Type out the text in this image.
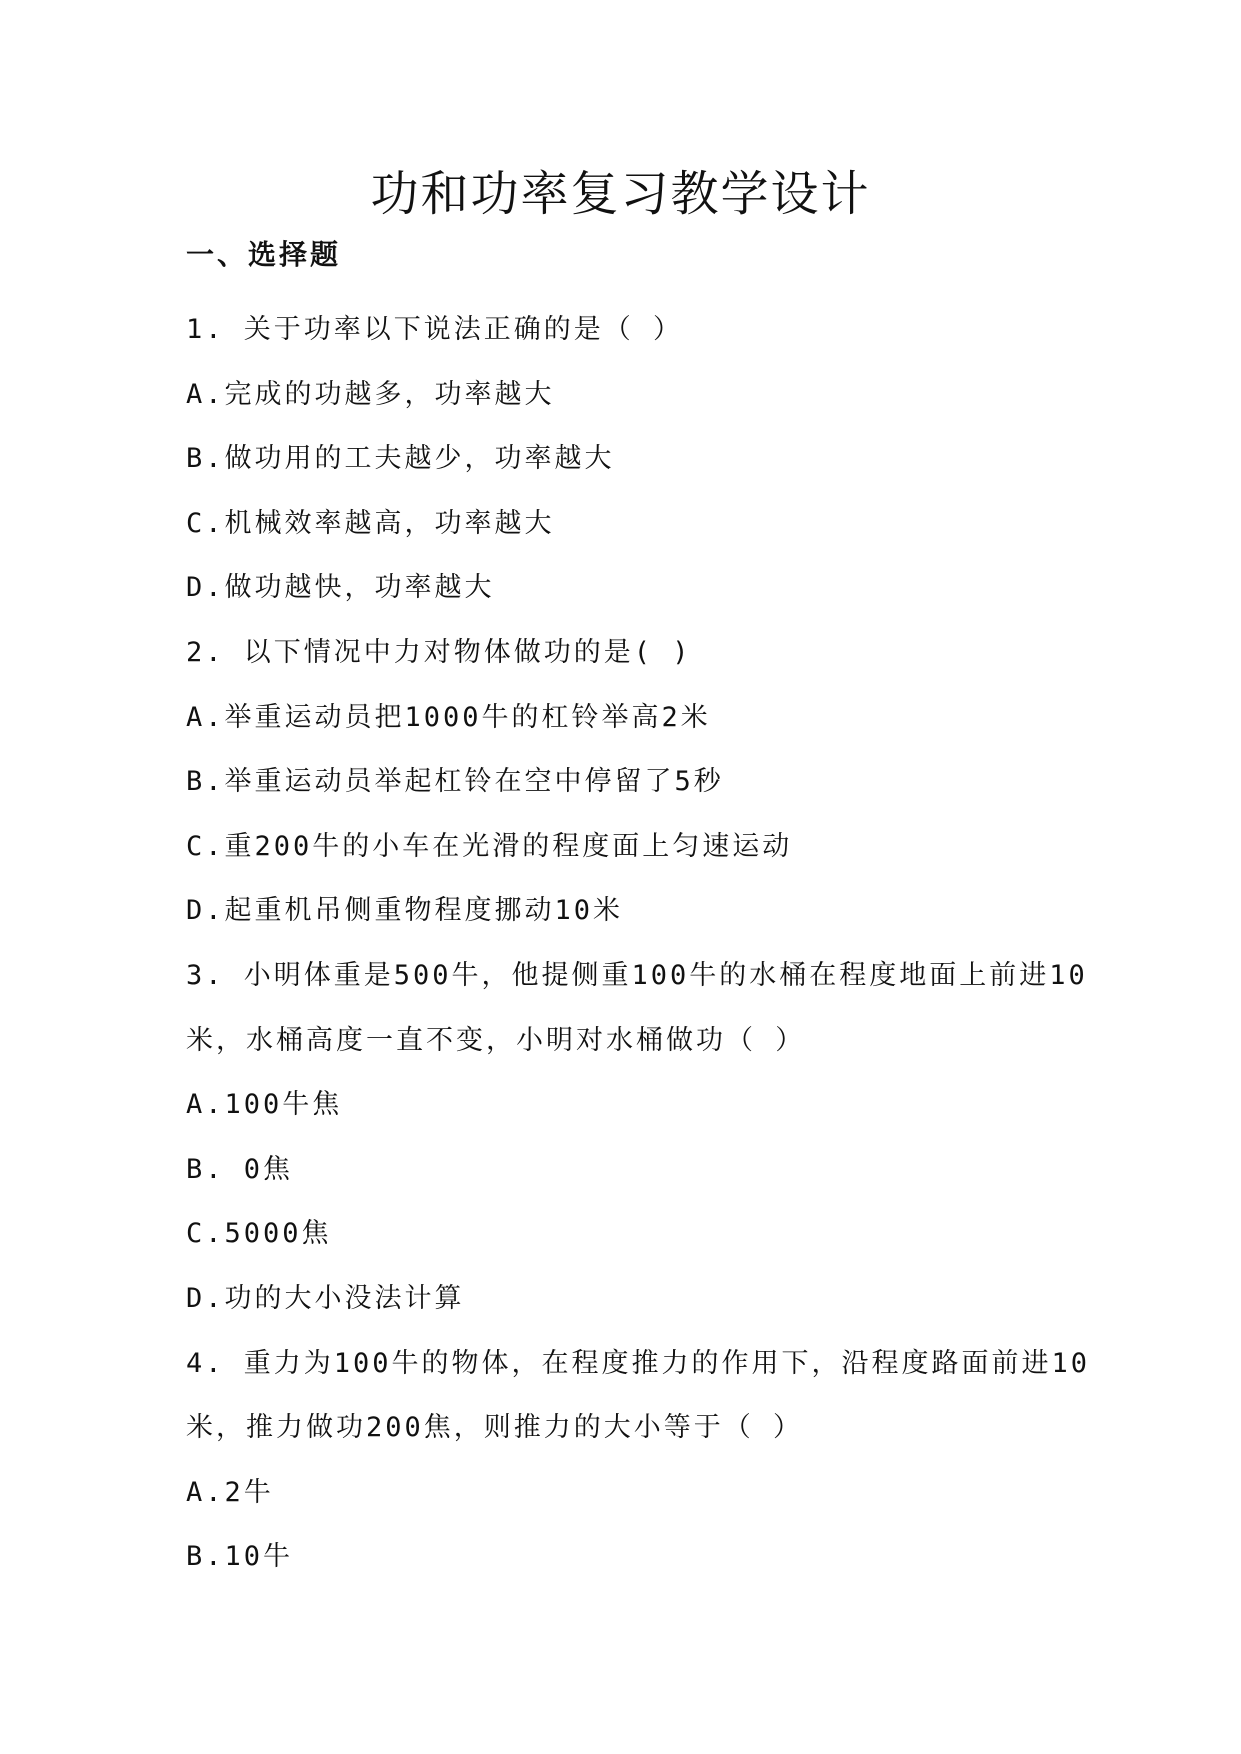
功和功率复习教学设计
一、选择题
1. 关于功率以下说法正确的是（ ）
A.完成的功越多，功率越大
B.做功用的工夫越少，功率越大
C.机械效率越高，功率越大
D.做功越快，功率越大
2. 以下情况中力对物体做功的是( )
A.举重运动员把1000牛的杠铃举高2米
B.举重运动员举起杠铃在空中停留了5秒
C.重200牛的小车在光滑的程度面上匀速运动
D.起重机吊侧重物程度挪动10米
3. 小明体重是500牛，他提侧重100牛的水桶在程度地面上前进10
米，水桶高度一直不变，小明对水桶做功（ ）
A.100牛焦
B. 0焦
C.5000焦
D.功的大小没法计算
4. 重力为100牛的物体，在程度推力的作用下，沿程度路面前进10
米，推力做功200焦，则推力的大小等于（ ）
A.2牛
B.10牛
